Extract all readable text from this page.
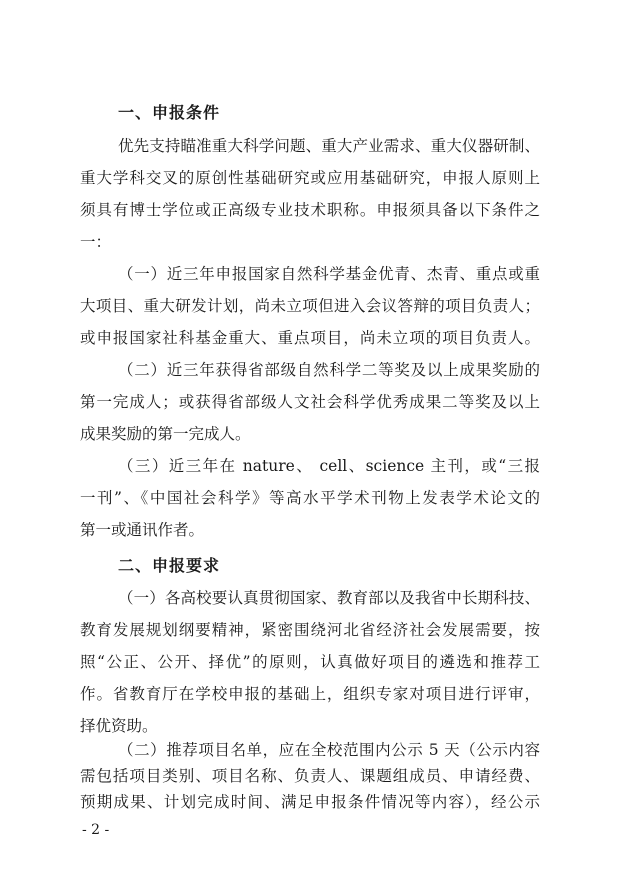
一、申报条件
优先支持瞄准重大科学问题、重大产业需求、重大仪器研制、
重大学科交叉的原创性基础研究或应用基础研究，申报人原则上
须具有博士学位或正高级专业技术职称。申报须具备以下条件之
一：
（一）近三年申报国家自然科学基金优青、杰青、重点或重
大项目、重大研发计划，尚未立项但进入会议答辩的项目负责人；
或申报国家社科基金重大、重点项目，尚未立项的项目负责人。
（二）近三年获得省部级自然科学二等奖及以上成果奖励的
第一完成人；或获得省部级人文社会科学优秀成果二等奖及以上
成果奖励的第一完成人。
（三）近三年在 nature、 cell、science 主刊，或“三报
一刊”、《中国社会科学》等高水平学术刊物上发表学术论文的
第一或通讯作者。
二、申报要求
（一）各高校要认真贯彻国家、教育部以及我省中长期科技、
教育发展规划纲要精神，紧密围绕河北省经济社会发展需要，按
照“公正、公开、择优”的原则，认真做好项目的遴选和推荐工
作。省教育厅在学校申报的基础上，组织专家对项目进行评审，
择优资助。
（二）推荐项目名单，应在全校范围内公示 5 天（公示内容
需包括项目类别、项目名称、负责人、课题组成员、申请经费、
预期成果、计划完成时间、满足申报条件情况等内容），经公示
- 2 -
